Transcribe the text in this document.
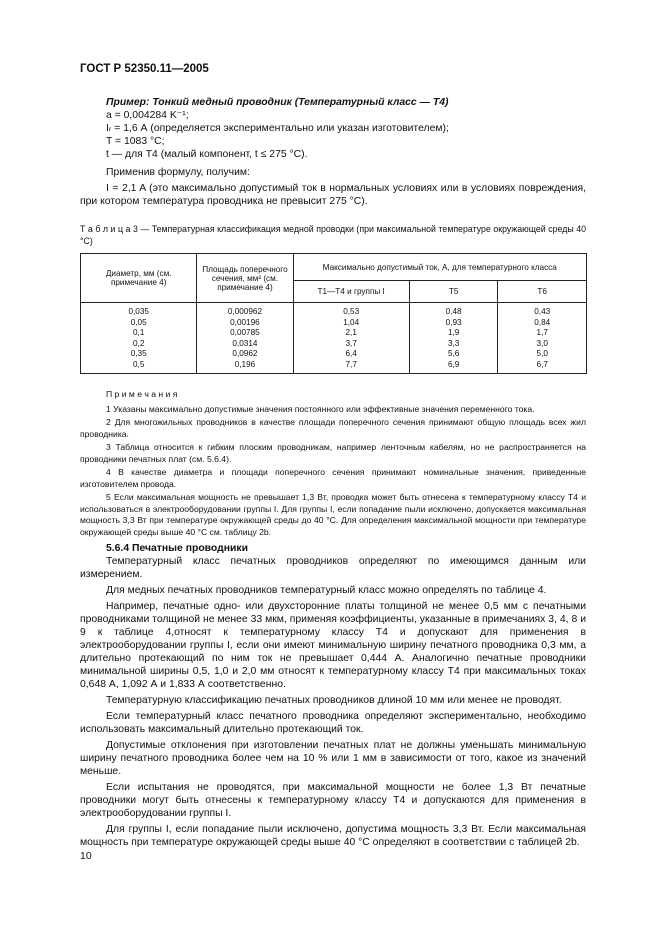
ГОСТ Р 52350.11—2005

Пример: Тонкий медный проводник (Температурный класс — Т4)

a = 0,004284 K⁻¹;

Iᵣ = 1,6 А (определяется экспериментально или указан изготовителем);

T = 1083 °C;

t — для Т4 (малый компонент, t ≤ 275 °C).

Применив формулу, получим:

I = 2,1 A (это максимально допустимый ток в нормальных условиях или в условиях повреждения, при котором температура проводника не превысит 275 °C).

Т а б л и ц а 3 — Температурная классификация медной проводки (при максимальной температуре окружающей среды 40 °C)

Диаметр, мм (см. примечание 4)	Площадь поперечного сечения, мм² (см. примечание 4)	Максимально допустимый ток, А, для температурного класса		
		Т1—Т4 и группы I	Т5	Т6
0,035	0,000962	0,53	0,48	0,43
0,05	0,00196	1,04	0,93	0,84
0,1	0,00785	2,1	1,9	1,7
0,2	0,0314	3,7	3,3	3,0
0,35	0,0962	6,4	5,6	5,0
0,5	0,196	7,7	6,9	6,7

П р и м е ч а н и я

1 Указаны максимально допустимые значения постоянного или эффективные значения переменного тока.

2 Для многожильных проводников в качестве площади поперечного сечения принимают общую площадь всех жил проводника.

3 Таблица относится к гибким плоским проводникам, например ленточным кабелям, но не распространяется на проводники печатных плат (см. 5.6.4).

4 В качестве диаметра и площади поперечного сечения принимают номинальные значения, приведенные изготовителем провода.

5 Если максимальная мощность не превышает 1,3 Вт, проводка может быть отнесена к температурному классу Т4 и использоваться в электрооборудовании группы I. Для группы I, если попадание пыли исключено, допускается максимальная мощность 3,3 Вт при температуре окружающей среды до 40 °C. Для определения максимальной мощности при температуре окружающей среды выше 40 °C см. таблицу 2b.

5.6.4 Печатные проводники

Температурный класс печатных проводников определяют по имеющимся данным или измерением.

Для медных печатных проводников температурный класс можно определять по таблице 4.

Например, печатные одно- или двухсторонние платы толщиной не менее 0,5 мм с печатными проводниками толщиной не менее 33 мкм, применяя коэффициенты, указанные в примечаниях 3, 4, 8 и 9 к таблице 4,относят к температурному классу Т4 и допускают для применения в электрооборудовании группы I, если они имеют минимальную ширину печатного проводника 0,3 мм, а длительно протекающий по ним ток не превышает 0,444 А. Аналогично печатные проводники минимальной ширины 0,5, 1,0 и 2,0 мм относят к температурному классу Т4 при максимальных токах 0,648 А, 1,092 А и 1,833 А соответственно.

Температурную классификацию печатных проводников длиной 10 мм или менее не проводят.

Если температурный класс печатного проводника определяют экспериментально, необходимо использовать максимальный длительно протекающий ток.

Допустимые отклонения при изготовлении печатных плат не должны уменьшать минимальную ширину печатного проводника более чем на 10 % или 1 мм в зависимости от того, какое из значений меньше.

Если испытания не проводятся, при максимальной мощности не более 1,3 Вт печатные проводники могут быть отнесены к температурному классу Т4 и допускаются для применения в электрооборудовании группы I.

Для группы I, если попадание пыли исключено, допустима мощность 3,3 Вт. Если максимальная мощность при температуре окружающей среды выше 40 °C определяют в соответствии с таблицей 2b.

10
